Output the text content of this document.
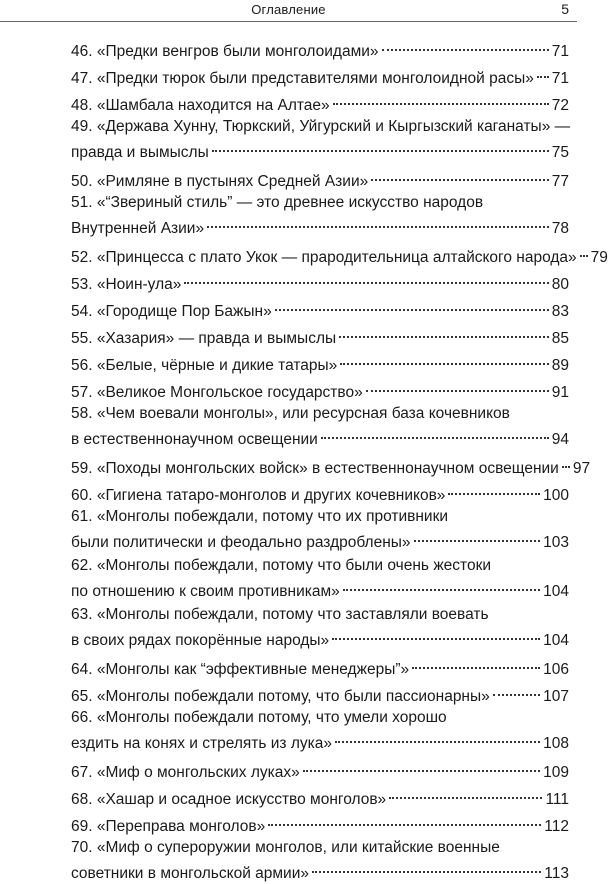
Оглавление	5
46. «Предки венгров были монголоидами»	71
47. «Предки тюрок были представителями монголоидной расы» 71
48. «Шамбала находится на Алтае»	72
49. «Держава Хунну, Тюркский, Уйгурский и Кыргызский каганаты» —
правда и вымыслы	75
50. «Римляне в пустынях Средней Азии»	77
51. «“Звериный стиль” — это древнее искусство народов
Внутренней Азии»	78
52. «Принцесса с плато Укок — прародительница алтайского народа» 79
53. «Ноин-ула»	80
54. «Городище Пор Бажын»	83
55. «Хазария» — правда и вымыслы	85
56. «Белые, чёрные и дикие татары»	89
57. «Великое Монгольское государство»	91
58. «Чем воевали монголы», или ресурсная база кочевников
в естественнонаучном освещении	94
59. «Походы монгольских войск» в естественнонаучном освещении 97
60. «Гигиена татаро-монголов и других кочевников»	100
61. «Монголы побеждали, потому что их противники
были политически и феодально раздроблены»	103
62. «Монголы побеждали, потому что были очень жестоки
по отношению к своим противникам»	104
63. «Монголы побеждали, потому что заставляли воевать
в своих рядах покорённые народы»	104
64. «Монголы как “эффективные менеджеры”»	106
65. «Монголы побеждали потому, что были пассионарны»	107
66. «Монголы побеждали потому, что умели хорошо
ездить на конях и стрелять из лука»	108
67. «Миф о монгольских луках»	109
68. «Хашар и осадное искусство монголов»	111
69. «Переправа монголов»	112
70. «Миф о супероружии монголов, или китайские военные
советники в монгольской армии»	113
